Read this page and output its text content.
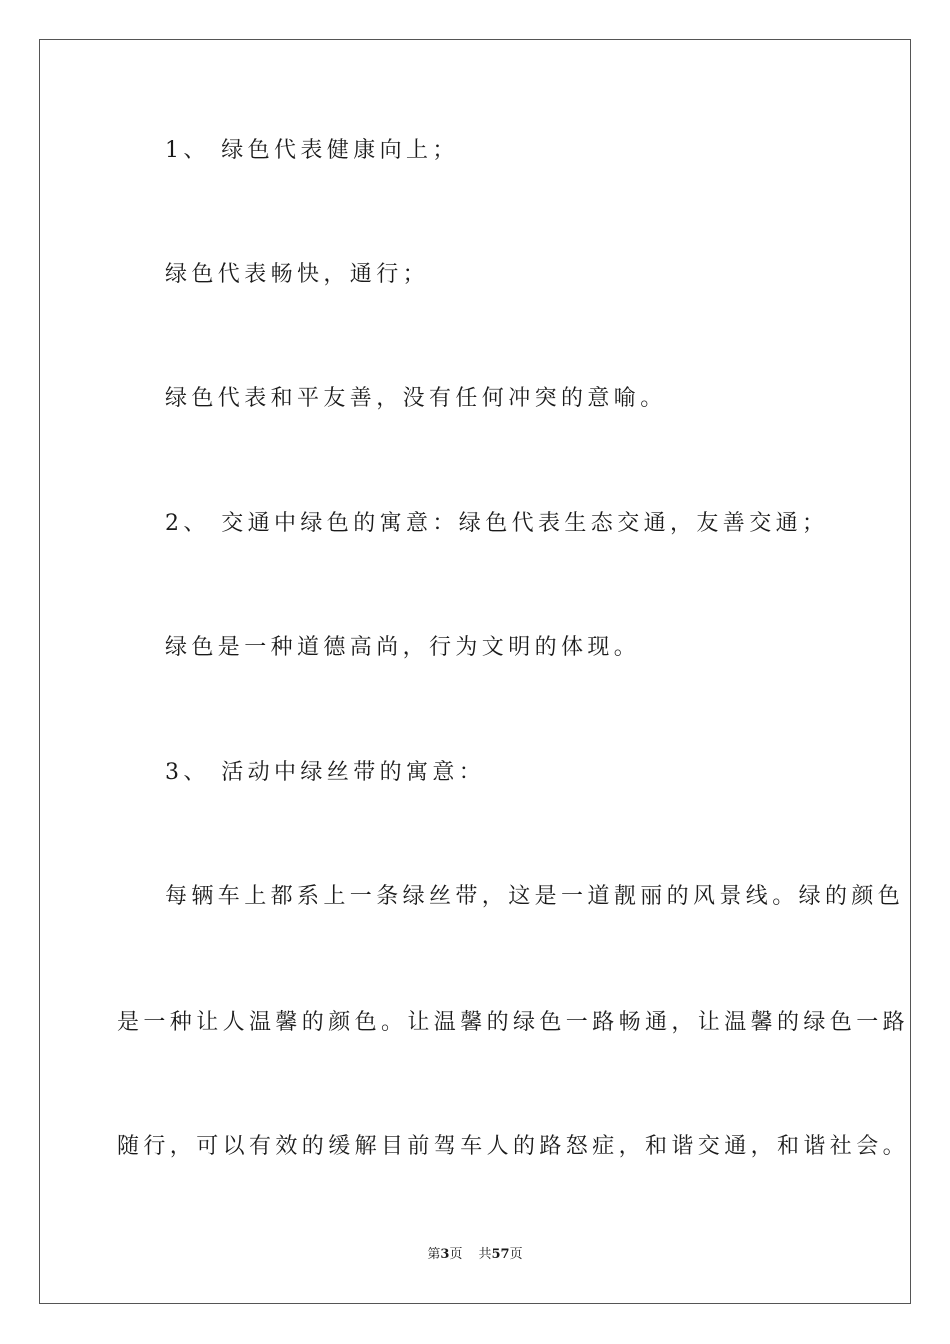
1、 绿色代表健康向上；
绿色代表畅快，通行；
绿色代表和平友善，没有任何冲突的意喻。
2、 交通中绿色的寓意：绿色代表生态交通，友善交通；
绿色是一种道德高尚，行为文明的体现。
3、 活动中绿丝带的寓意：
每辆车上都系上一条绿丝带，这是一道靓丽的风景线。绿的颜色
是一种让人温馨的颜色。让温馨的绿色一路畅通，让温馨的绿色一路
随行，可以有效的缓解目前驾车人的路怒症，和谐交通，和谐社会。
第3页 共57页
